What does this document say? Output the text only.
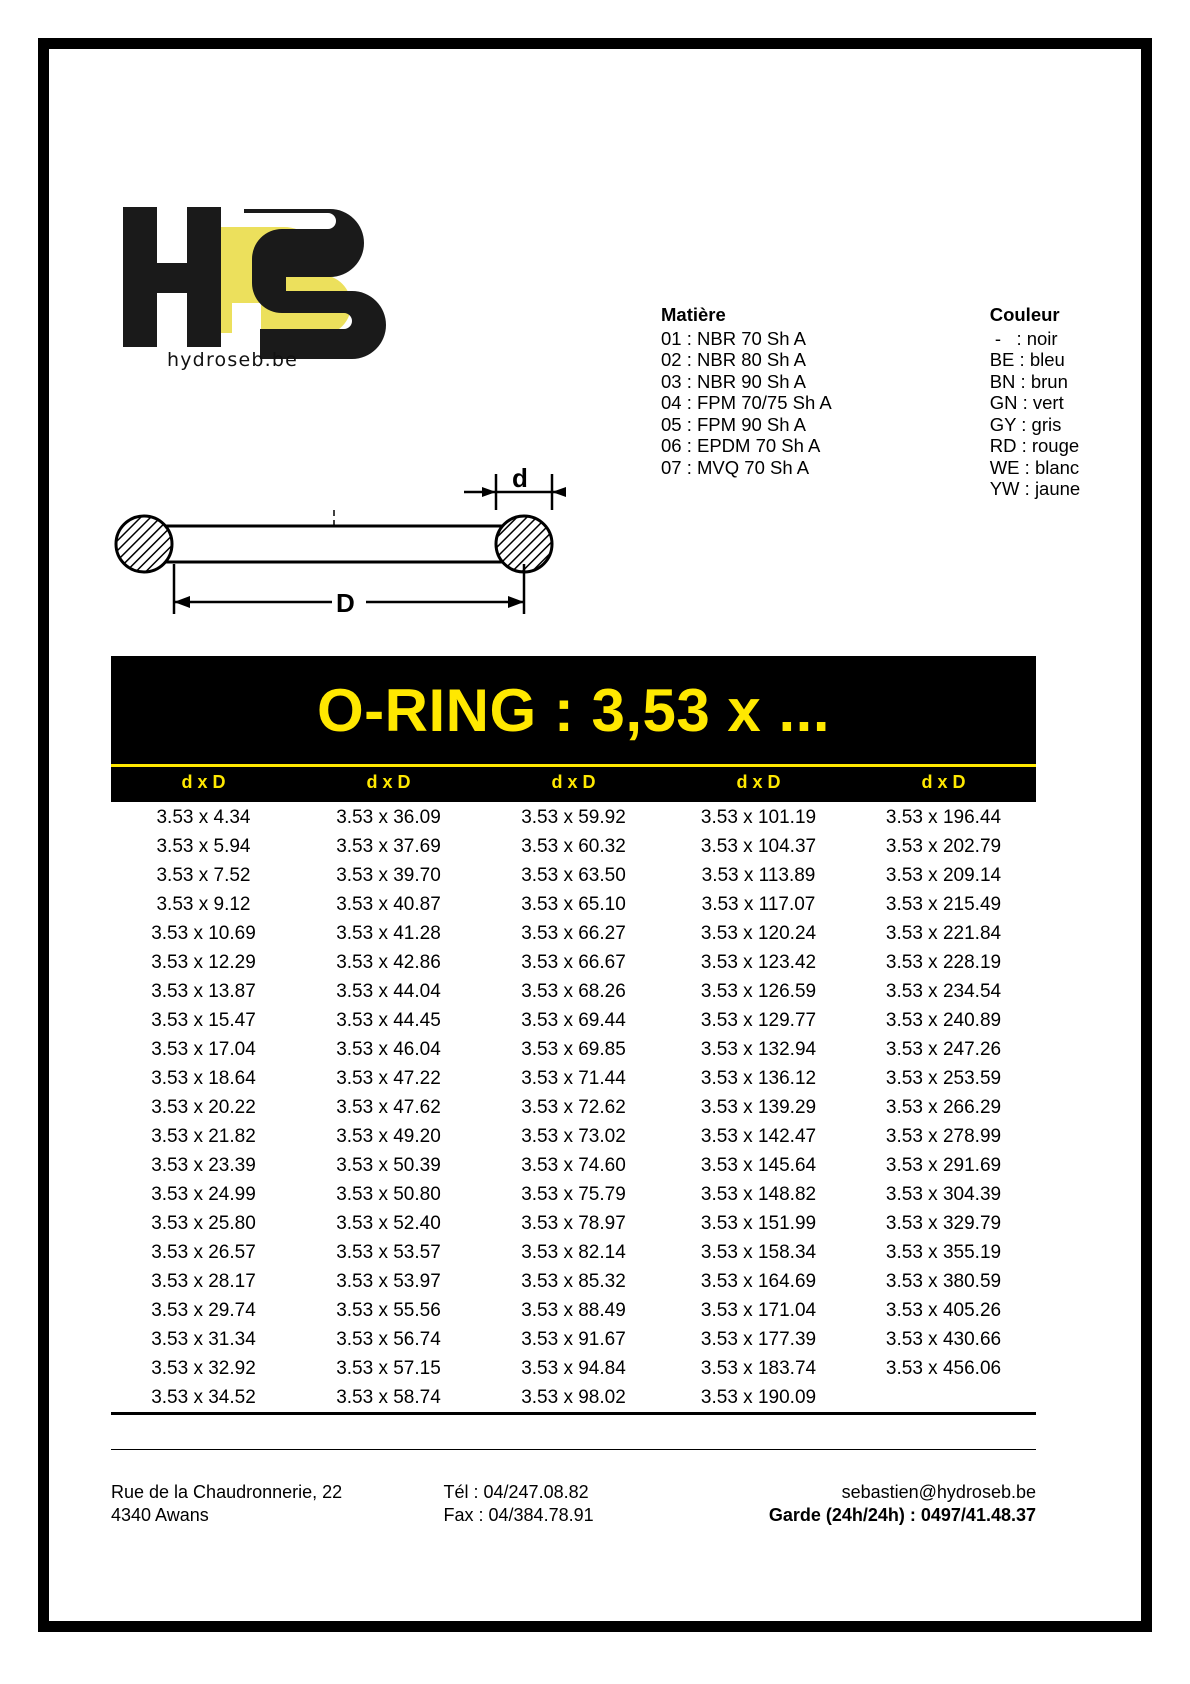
hydroseb.be
Matière
01 : NBR 70 Sh A
02 : NBR 80 Sh A
03 : NBR 90 Sh A
04 : FPM 70/75 Sh A
05 : FPM 90 Sh A
06 : EPDM 70 Sh A
07 : MVQ 70 Sh A
Couleur
-   : noir
BE : bleu
BN : brun
GN : vert
GY : gris
RD : rouge
WE : blanc
YW : jaune
d
D
O-RING : 3,53 x ...
d x D	d x D	d x D	d x D	d x D
3.53 x 4.34	3.53 x 36.09	3.53 x 59.92	3.53 x 101.19	3.53 x 196.44
3.53 x 5.94	3.53 x 37.69	3.53 x 60.32	3.53 x 104.37	3.53 x 202.79
3.53 x 7.52	3.53 x 39.70	3.53 x 63.50	3.53 x 113.89	3.53 x 209.14
3.53 x 9.12	3.53 x 40.87	3.53 x 65.10	3.53 x 117.07	3.53 x 215.49
3.53 x 10.69	3.53 x 41.28	3.53 x 66.27	3.53 x 120.24	3.53 x 221.84
3.53 x 12.29	3.53 x 42.86	3.53 x 66.67	3.53 x 123.42	3.53 x 228.19
3.53 x 13.87	3.53 x 44.04	3.53 x 68.26	3.53 x 126.59	3.53 x 234.54
3.53 x 15.47	3.53 x 44.45	3.53 x 69.44	3.53 x 129.77	3.53 x 240.89
3.53 x 17.04	3.53 x 46.04	3.53 x 69.85	3.53 x 132.94	3.53 x 247.26
3.53 x 18.64	3.53 x 47.22	3.53 x 71.44	3.53 x 136.12	3.53 x 253.59
3.53 x 20.22	3.53 x 47.62	3.53 x 72.62	3.53 x 139.29	3.53 x 266.29
3.53 x 21.82	3.53 x 49.20	3.53 x 73.02	3.53 x 142.47	3.53 x 278.99
3.53 x 23.39	3.53 x 50.39	3.53 x 74.60	3.53 x 145.64	3.53 x 291.69
3.53 x 24.99	3.53 x 50.80	3.53 x 75.79	3.53 x 148.82	3.53 x 304.39
3.53 x 25.80	3.53 x 52.40	3.53 x 78.97	3.53 x 151.99	3.53 x 329.79
3.53 x 26.57	3.53 x 53.57	3.53 x 82.14	3.53 x 158.34	3.53 x 355.19
3.53 x 28.17	3.53 x 53.97	3.53 x 85.32	3.53 x 164.69	3.53 x 380.59
3.53 x 29.74	3.53 x 55.56	3.53 x 88.49	3.53 x 171.04	3.53 x 405.26
3.53 x 31.34	3.53 x 56.74	3.53 x 91.67	3.53 x 177.39	3.53 x 430.66
3.53 x 32.92	3.53 x 57.15	3.53 x 94.84	3.53 x 183.74	3.53 x 456.06
3.53 x 34.52	3.53 x 58.74	3.53 x 98.02	3.53 x 190.09	
Rue de la Chaudronnerie, 22
4340 Awans
Tél : 04/247.08.82
Fax : 04/384.78.91
sebastien@hydroseb.be
Garde (24h/24h) : 0497/41.48.37
